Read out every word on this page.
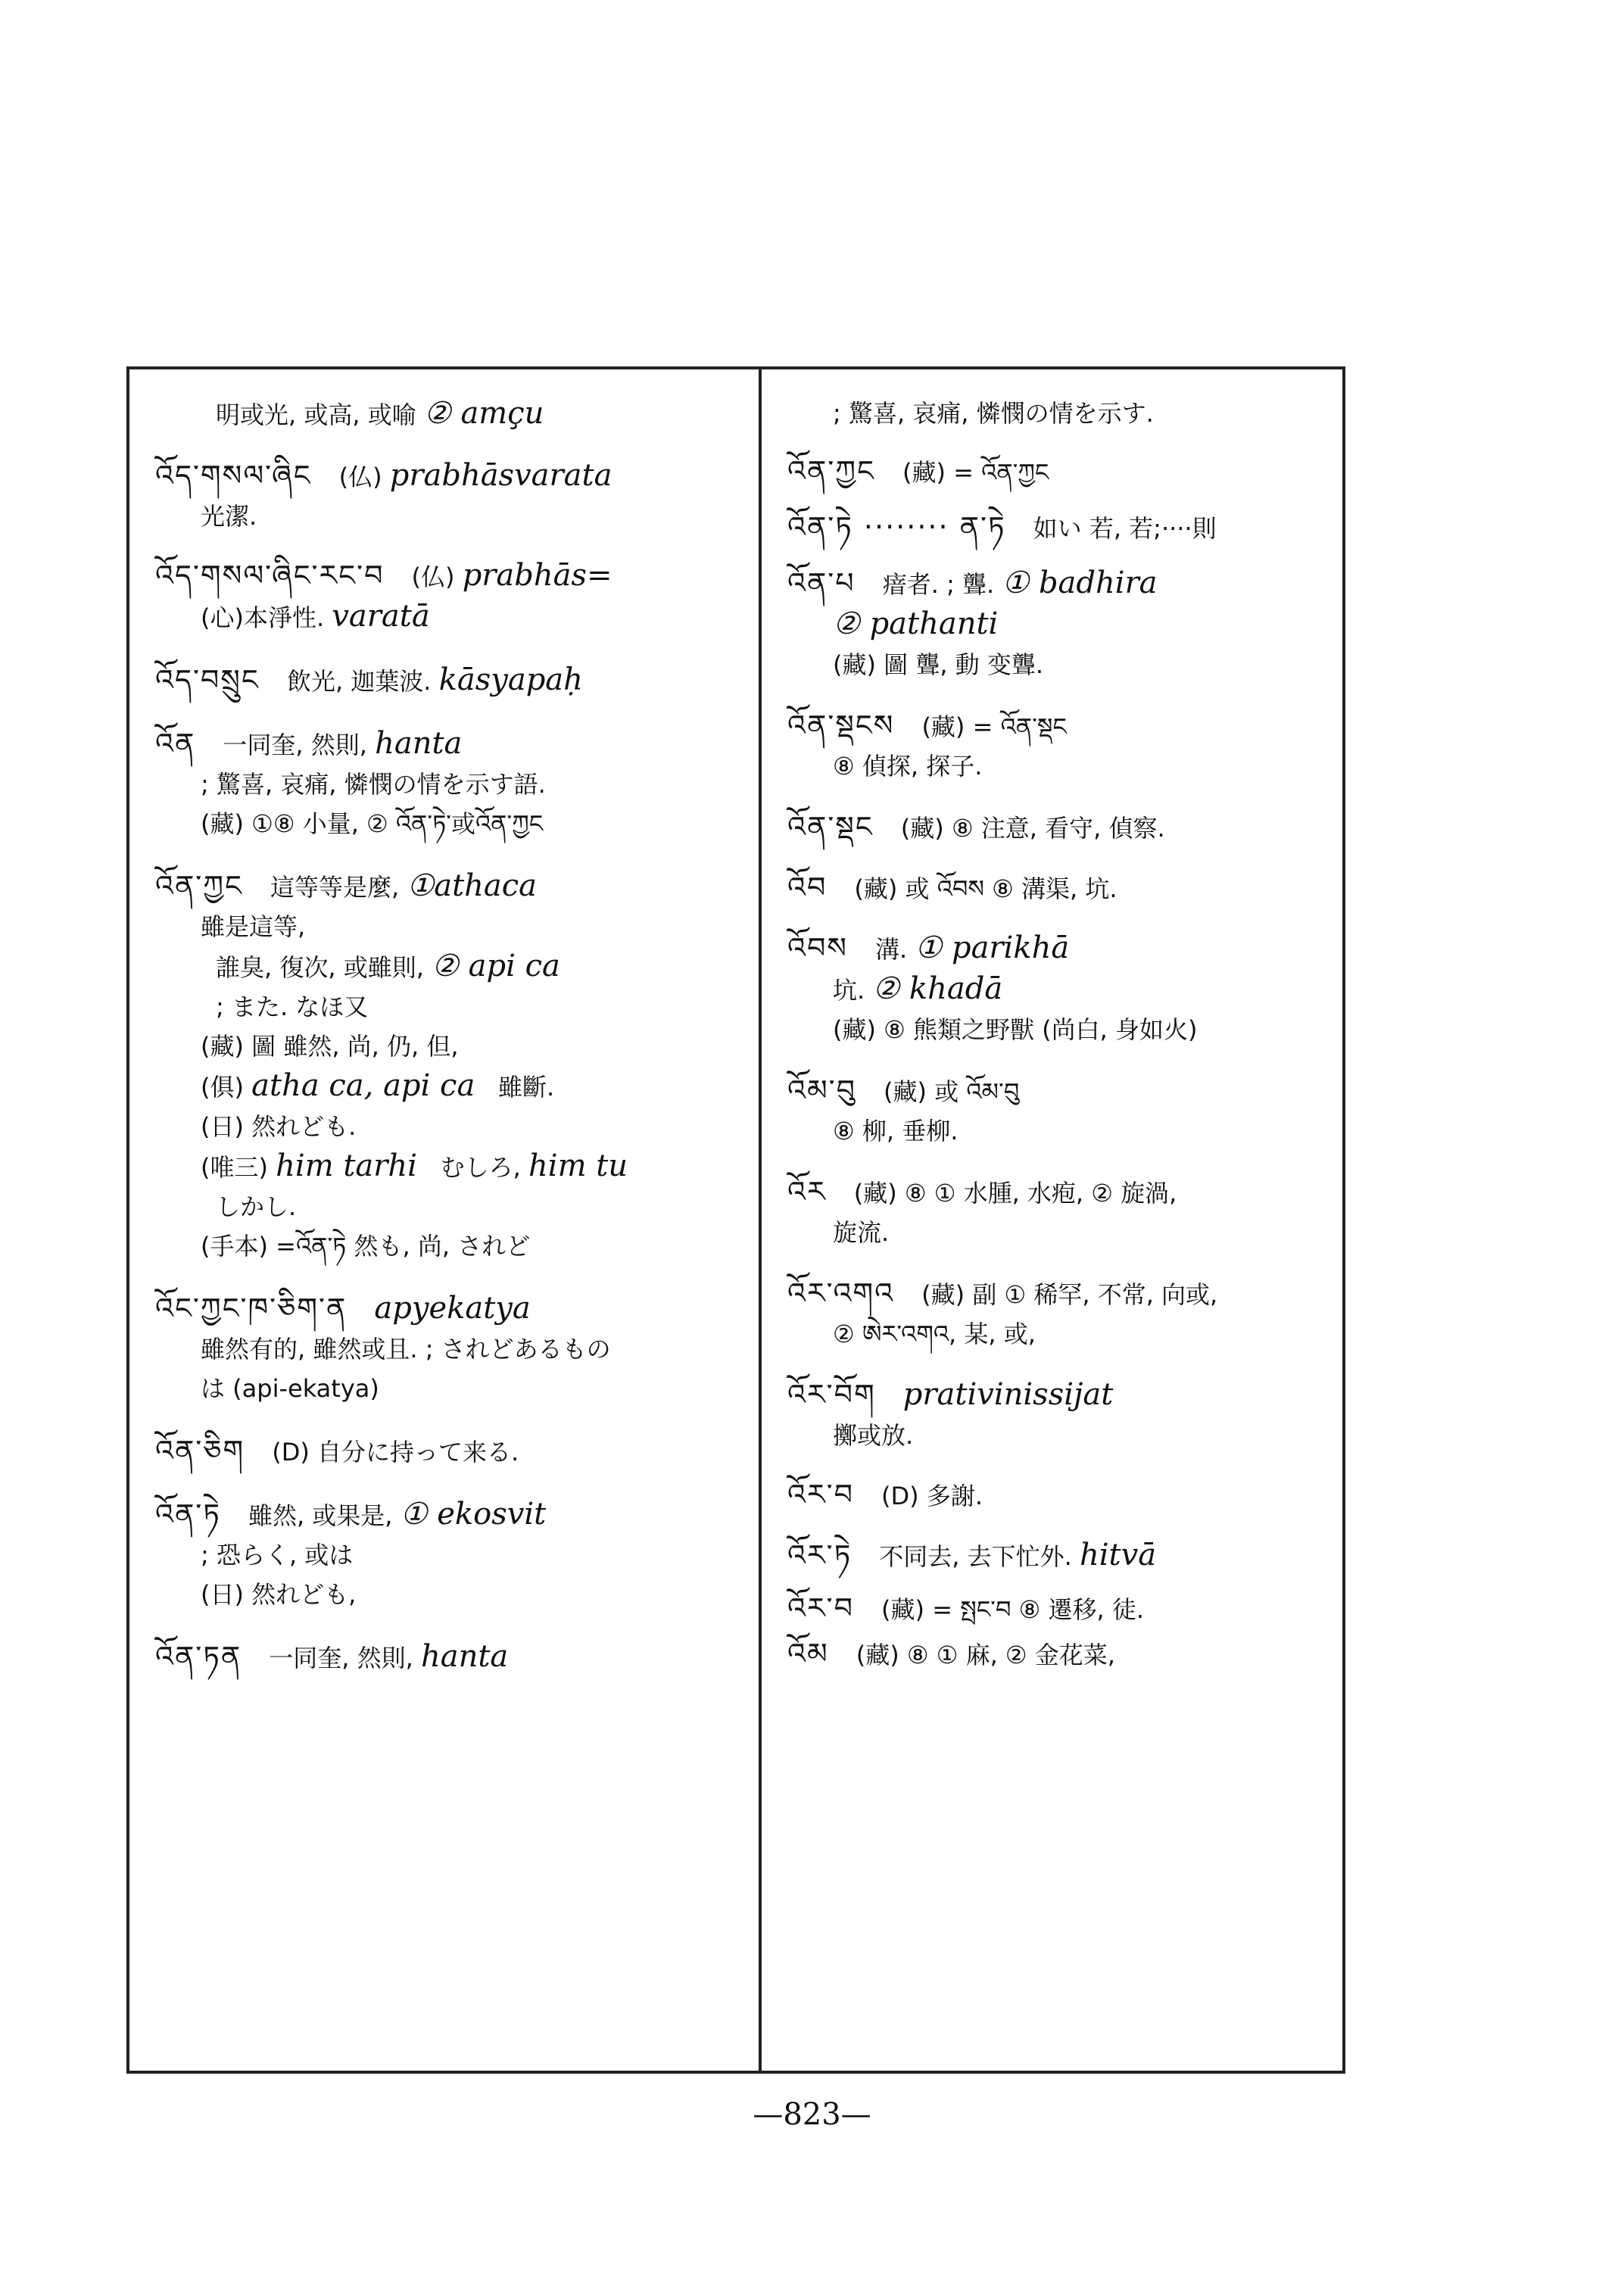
明或光, 或高, 或喻 ② amçu
འོད་གསལ་ཞིང (仏) prabhāsvarata
光潔.
འོད་གསལ་ཞིང་རང་བ (仏) prabhās=
(心)本淨性. varatā
འོད་བསྲུང 飲光, 迦葉波. kāsyapaḥ
འོན 一同奎, 然則, hanta
; 驚喜, 哀痛, 憐憫の情を示す語.
(藏) ①⑧ 小量, ② འོན་ཏེ་或འོན་ཀྱང
འོན་ཀྱང 這等等是麼, ①athaca
雖是這等,
誰臭, 復次, 或雖則, ② api ca
; また. なほ又
(藏) 圖 雖然, 尚, 仍, 但,
(俱) atha ca, api ca 雖斷.
(日) 然れども.
(唯三) him tarhi むしろ, him tu
しかし.
(手本) =འོན་ཏེ 然も, 尚, されど
འོང་ཀྱང་ཁ་ཅིག་ན apyekatya
雖然有的, 雖然或且. ; されどあるもの
は (api-ekatya)
འོན་ཅིག (D) 自分に持って来る.
འོན་ཏེ 雖然, 或果是, ① ekosvit
; 恐らく, 或は
(日) 然れども,
འོན་ཏན 一同奎, 然則, hanta
; 驚喜, 哀痛, 憐憫の情を示す.
འོན་ཀྱང (藏) = འོན་ཀྱང
འོན་ཏེ ········ ན་ཏེ 如い 若, 若;····則
འོན་པ 瘖者. ; 聾. ① badhira
② pathanti
(藏) 圖 聾, 動 变聾.
འོན་སྡངས (藏) = འོན་སྡང
⑧ 偵探, 探子.
འོན་སྡང (藏) ⑧ 注意, 看守, 偵察.
འོབ (藏) 或 འོབས ⑧ 溝渠, 坑.
འོབས 溝. ① parikhā
坑. ② khadā
(藏) ⑧ 熊類之野獸 (尚白, 身如火)
འོམ་བུ (藏) 或 འོམ་བུ
⑧ 柳, 垂柳.
འོར (藏) ⑧ ① 水腫, 水疱, ② 旋渦,
旋流.
འོར་འགའ (藏) 副 ① 稀罕, 不常, 向或,
② ཨེར་འགའ, 某, 或,
འོར་བོག prativinissijat
擲或放.
འོར་བ (D) 多謝.
འོར་ཏེ 不同去, 去下忙外. hitvā
འོར་བ (藏) = སྤང་བ ⑧ 遷移, 徒.
འོམ (藏) ⑧ ① 麻, ② 金花菜,
—823—
